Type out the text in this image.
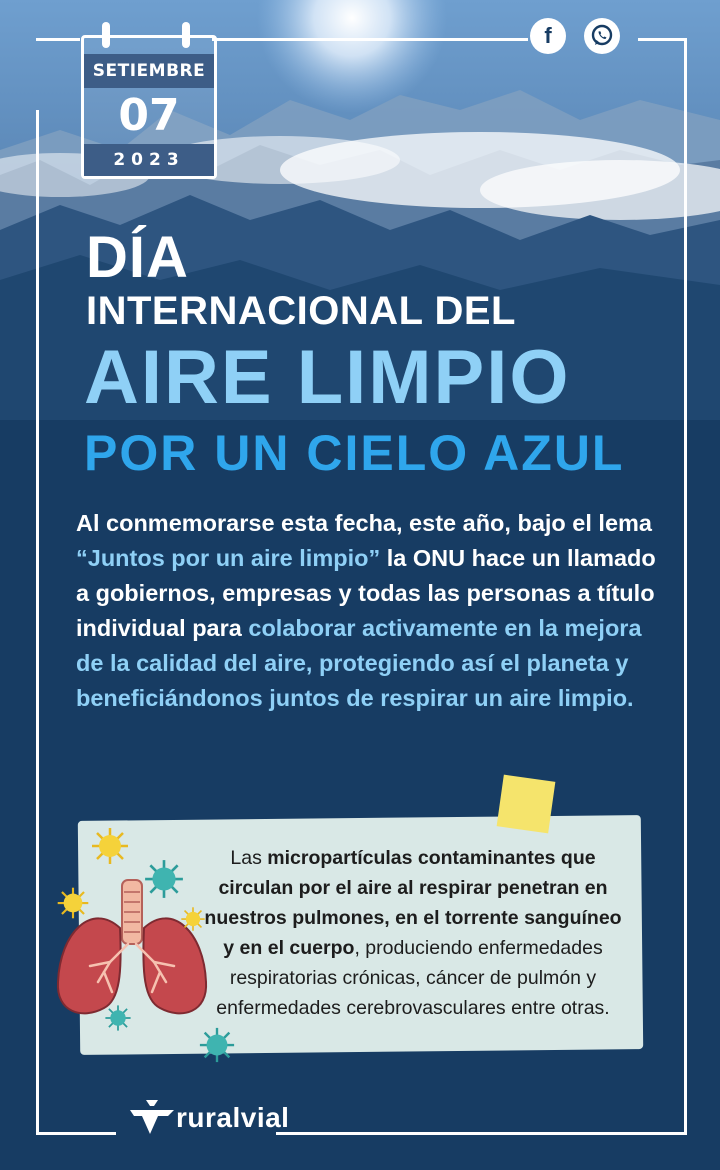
SETIEMBRE
07
2023
f
DÍA
INTERNACIONAL DEL
AIRE LIMPIO
POR UN CIELO AZUL
Al conmemorarse esta fecha, este año, bajo el lema “Juntos por un aire limpio” la ONU hace un llamado a gobiernos, empresas y todas las personas a título individual para colaborar activamente en la mejora de la calidad del aire, protegiendo así el planeta y beneficiándonos juntos de respirar un aire limpio.
Las micropartículas contaminantes que circulan por el aire al respirar penetran en nuestros pulmones, en el torrente sanguíneo y en el cuerpo, produciendo enfermedades respiratorias crónicas, cáncer de pulmón y enfermedades cerebrovasculares entre otras.
ruralvial
